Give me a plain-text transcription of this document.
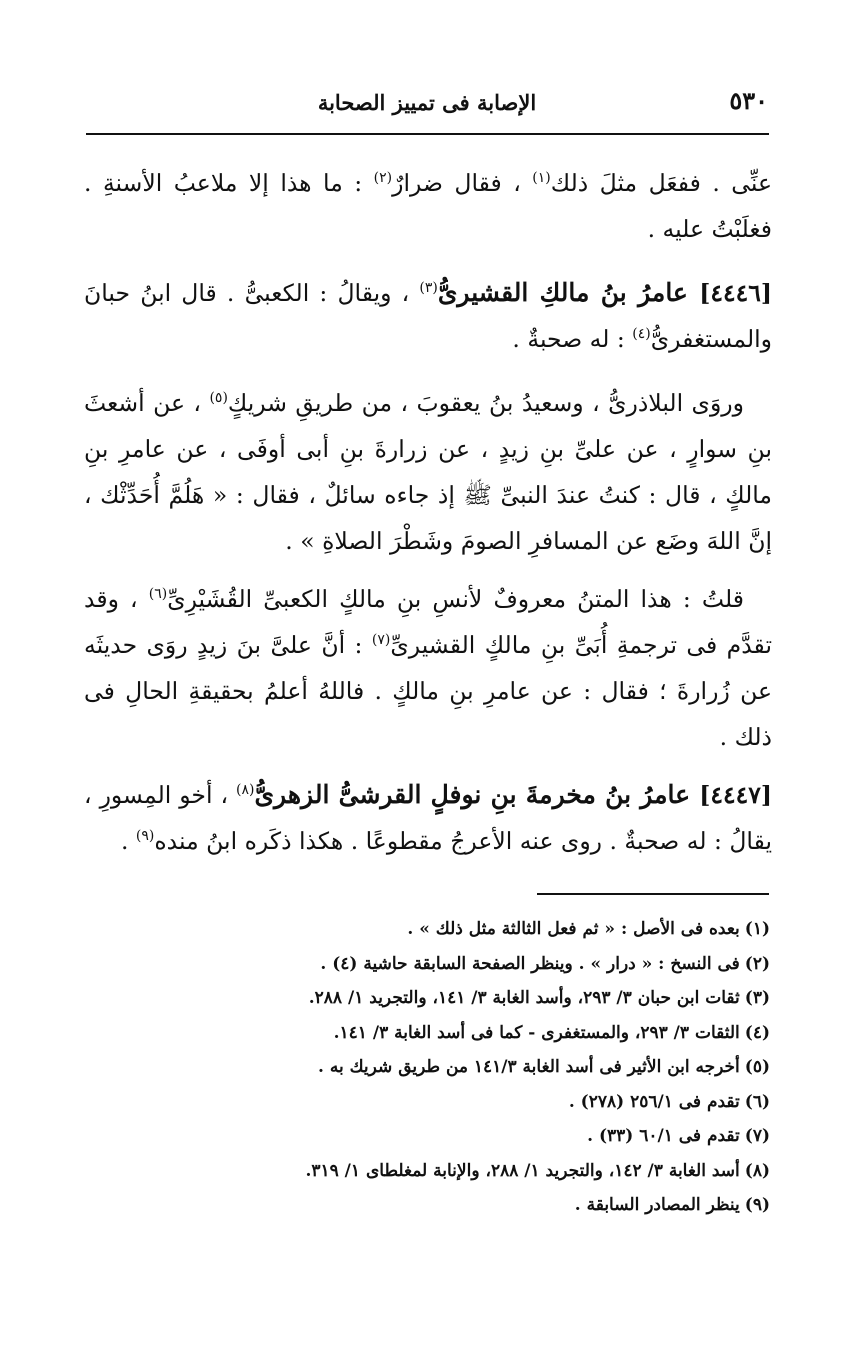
٥٣٠
الإصابة فى تمييز الصحابة

عنِّى . ففعَل مثلَ ذلك$^{(١)}$ ، فقال ضرارٌ$^{(٢)}$ : ما هذا إلا ملاعبُ الأسنةِ . فغلَبْتُ عليه .

[٤٤٤٦] عامرُ بنُ مالكِ القشيرىُّ$^{(٣)}$ ، ويقالُ : الكعبىُّ . قال ابنُ حبانَ والمستغفرىُّ$^{(٤)}$ : له صحبةٌ .

وروَى البلاذرىُّ ، وسعيدُ بنُ يعقوبَ ، من طريقِ شريكٍ$^{(٥)}$ ، عن أشعثَ بنِ سوارٍ ، عن علىِّ بنِ زيدٍ ، عن زرارةَ بنِ أبى أوفَى ، عن عامرِ بنِ مالكٍ ، قال : كنتُ عندَ النبىِّ ﷺ إذ جاءه سائلٌ ، فقال : « هَلُمَّ أُحَدِّثْك ، إنَّ اللهَ وضَع عن المسافرِ الصومَ وشَطْرَ الصلاةِ » .

قلتُ : هذا المتنُ معروفٌ لأنسِ بنِ مالكٍ الكعبىِّ القُشَيْرِىِّ$^{(٦)}$ ، وقد تقدَّم فى ترجمةِ أُبَىِّ بنِ مالكٍ القشيرىِّ$^{(٧)}$ : أنَّ علىَّ بنَ زيدٍ روَى حديثَه عن زُرارةَ ؛ فقال : عن عامرِ بنِ مالكٍ . فاللهُ أعلمُ بحقيقةِ الحالِ فى ذلك .

[٤٤٤٧] عامرُ بنُ مخرمةَ بنِ نوفلٍ القرشىُّ الزهرىُّ$^{(٨)}$ ، أخو المِسورِ ، يقالُ : له صحبةٌ . روى عنه الأعرجُ مقطوعًا . هكذا ذكَره ابنُ منده$^{(٩)}$ .

(١)بعده فى الأصل : « ثم فعل الثالثة مثل ذلك » .
(٢)فى النسخ : « درار » . وينظر الصفحة السابقة حاشية (٤) .
(٣)ثقات ابن حبان ٣/ ٢٩٣، وأسد الغابة ٣/ ١٤١، والتجريد ١/ ٢٨٨.
(٤)الثقات ٣/ ٢٩٣، والمستغفرى - كما فى أسد الغابة ٣/ ١٤١.
(٥)أخرجه ابن الأثير فى أسد الغابة ١٤١/٣ من طريق شريك به .
(٦)تقدم فى ٢٥٦/١ (٢٧٨) .
(٧)تقدم فى ٦٠/١ (٣٣) .
(٨)أسد الغابة ٣/ ١٤٢، والتجريد ١/ ٢٨٨، والإنابة لمغلطاى ١/ ٣١٩.
(٩)ينظر المصادر السابقة .
